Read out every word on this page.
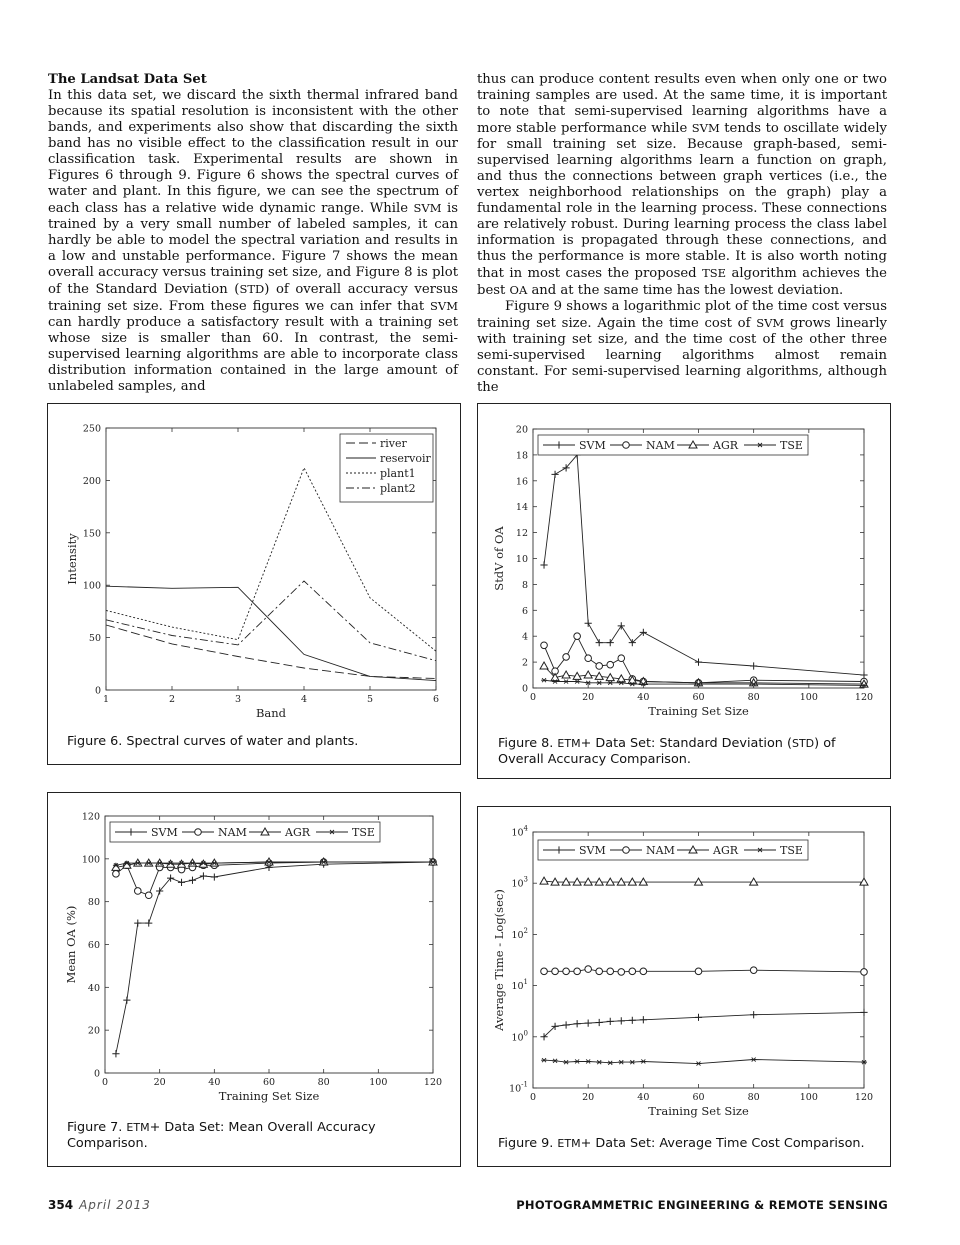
The Landsat Data Set

In this data set, we discard the sixth thermal infrared band because its spatial resolution is inconsistent with the other bands, and experiments also show that discarding the sixth band has no visible effect to the classification result in our classification task. Experimental results are shown in Figures 6 through 9. Figure 6 shows the spectral curves of water and plant. In this figure, we can see the spectrum of each class has a relative wide dynamic range. While SVM is trained by a very small number of labeled samples, it can hardly be able to model the spectral variation and results in a low and unstable performance. Figure 7 shows the mean overall accuracy versus training set size, and Figure 8 is plot of the Standard Deviation (STD) of overall accuracy versus training set size. From these figures we can infer that SVM can hardly produce a satisfactory result with a training set whose size is smaller than 60. In contrast, the semi-supervised learning algorithms are able to incorporate class distribution information contained in the large amount of unlabeled samples, and

thus can produce content results even when only one or two training samples are used. At the same time, it is important to note that semi-supervised learning algorithms have a more stable performance while SVM tends to oscillate widely for small training set size. Because graph-based, semi-supervised learning algorithms learn a function on graph, and thus the connections between graph vertices (i.e., the vertex neighborhood relationships on the graph) play a fundamental role in the learning process. These connections are relatively robust. During learning process the class label information is propagated through these connections, and thus the performance is more stable. It is also worth noting that in most cases the proposed TSE algorithm achieves the best OA and at the same time has the lowest deviation.

Figure 9 shows a logarithmic plot of the time cost versus training set size. Again the time cost of SVM grows linearly with training set size, and the time cost of the other three semi-supervised learning algorithms almost remain constant. For semi-supervised learning algorithms, although the

1	2	3	4	5	6
0
50
100
150
200
250
Band
Intensity
river
reservoir
plant1
plant2
Figure 6. Spectral curves of water and plants.
0	20	40	60	80	100	120
0
2
4
6
8
10
12
14
16
18
20
Training Set Size
StdV of OA
SVM	NAM	AGR	TSE
Figure 8. ETM+ Data Set: Standard Deviation (STD) of Overall Accuracy Comparison.
0	20	40	60	80	100	120
0
20
40
60
80
100
120
Training Set Size
Mean OA (%)
SVM	NAM	AGR	TSE
Figure 7. ETM+ Data Set: Mean Overall Accuracy Comparison.
0	20	40	60	80	100	120
$10^{-1}$
$10^0$
$10^1$
$10^2$
$10^3$
$10^4$
Training Set Size
Average Time - Log(sec)
SVM	NAM	AGR	TSE
Figure 9. ETM+ Data Set: Average Time Cost Comparison.
354 April 2013	PHOTOGRAMMETRIC ENGINEERING & REMOTE SENSING
